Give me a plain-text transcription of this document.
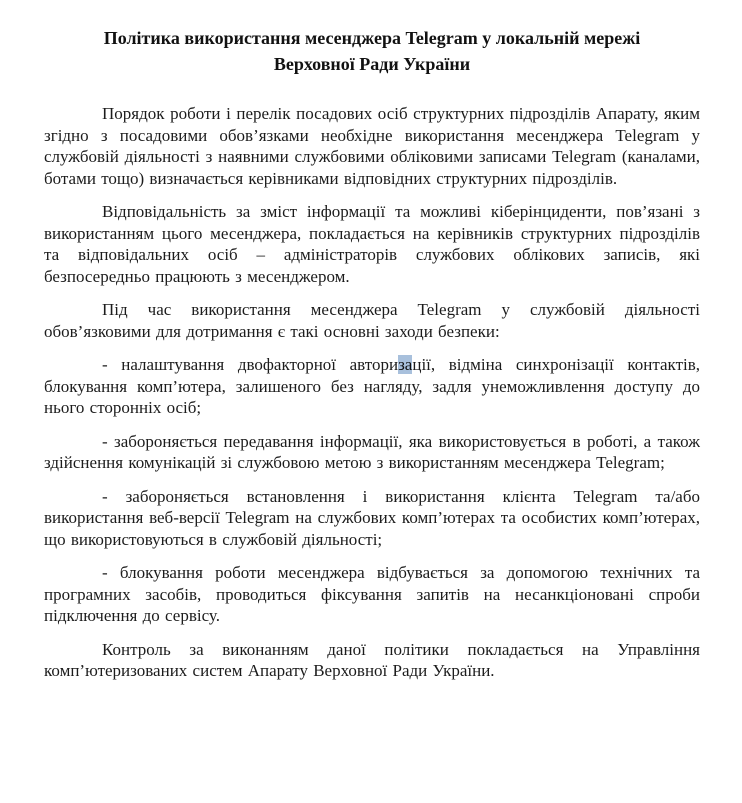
Політика використання месенджера Telegram у локальній мережі
Верховної Ради України

Порядок роботи і перелік посадових осіб структурних підрозділів Апарату, яким згідно з посадовими обов’язками необхідне використання месенджера Telegram у службовій діяльності з наявними службовими обліковими записами Telegram (каналами, ботами тощо) визначається керівниками відповідних структурних підрозділів.

Відповідальність за зміст інформації та можливі кіберінциденти, пов’язані з використанням цього месенджера, покладається на керівників структурних підрозділів та відповідальних осіб – адміністраторів службових облікових записів, які безпосередньо працюють з месенджером.

Під час використання месенджера Telegram у службовій діяльності обов’язковими для дотримання є такі основні заходи безпеки:

- налаштування двофакторної авторизації, відміна синхронізації контактів, блокування комп’ютера, залишеного без нагляду, задля унеможливлення доступу до нього сторонніх осіб;

- забороняється передавання інформації, яка використовується в роботі, а також здійснення комунікацій зі службовою метою з використанням месенджера Telegram;

- забороняється встановлення і використання клієнта Telegram та/або використання веб-версії Telegram на службових комп’ютерах та особистих комп’ютерах, що використовуються в службовій діяльності;

- блокування роботи месенджера відбувається за допомогою технічних та програмних засобів, проводиться фіксування запитів на несанкціоновані спроби підключення до сервісу.

Контроль за виконанням даної політики покладається на Управління комп’ютеризованих систем Апарату Верховної Ради України.
